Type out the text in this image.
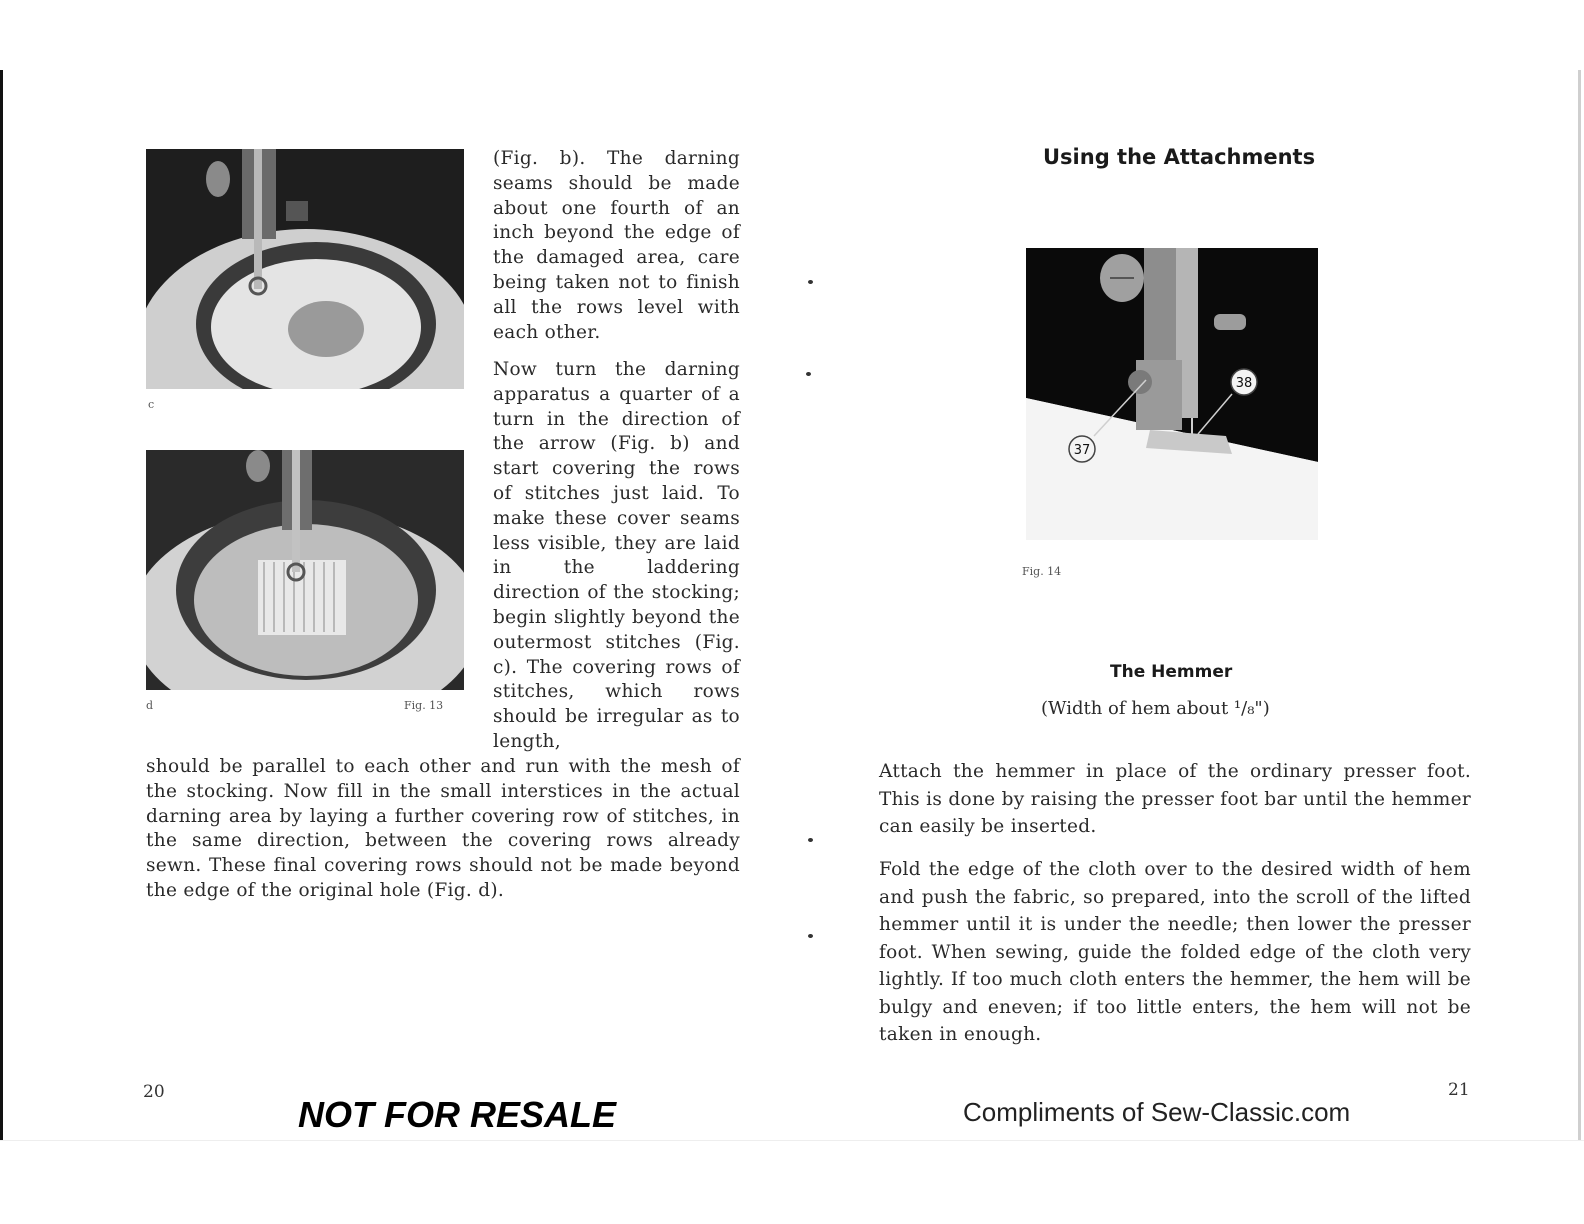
c
d	Fig. 13

(Fig. b). The darning seams should be made about one fourth of an inch beyond the edge of the damaged area, care being taken not to finish all the rows level with each other.

Now turn the darning apparatus a quarter of a turn in the direction of the arrow (Fig. b) and start covering the rows of stitches just laid. To make these cover seams less visible, they are laid in the laddering direction of the stocking; begin slightly beyond the outermost stitches (Fig. c). The covering rows of stitches, which rows should be irregular as to length,

should be parallel to each other and run with the mesh of the stocking. Now fill in the small interstices in the actual darning area by laying a further covering row of stitches, in the same direction, between the covering rows already sewn. These final covering rows should not be made beyond the edge of the original hole (Fig. d).

20
NOT FOR RESALE
Using the Attachments
38
37
Fig. 14
The Hemmer
(Width of hem about ¹/₈")

Attach the hemmer in place of the ordinary presser foot. This is done by raising the presser foot bar until the hemmer can easily be inserted.

Fold the edge of the cloth over to the desired width of hem and push the fabric, so prepared, into the scroll of the lifted hemmer until it is under the needle; then lower the presser foot. When sewing, guide the folded edge of the cloth very lightly. If too much cloth enters the hemmer, the hem will be bulgy and eneven; if too little enters, the hem will not be taken in enough.

21
Compliments of Sew-Classic.com
